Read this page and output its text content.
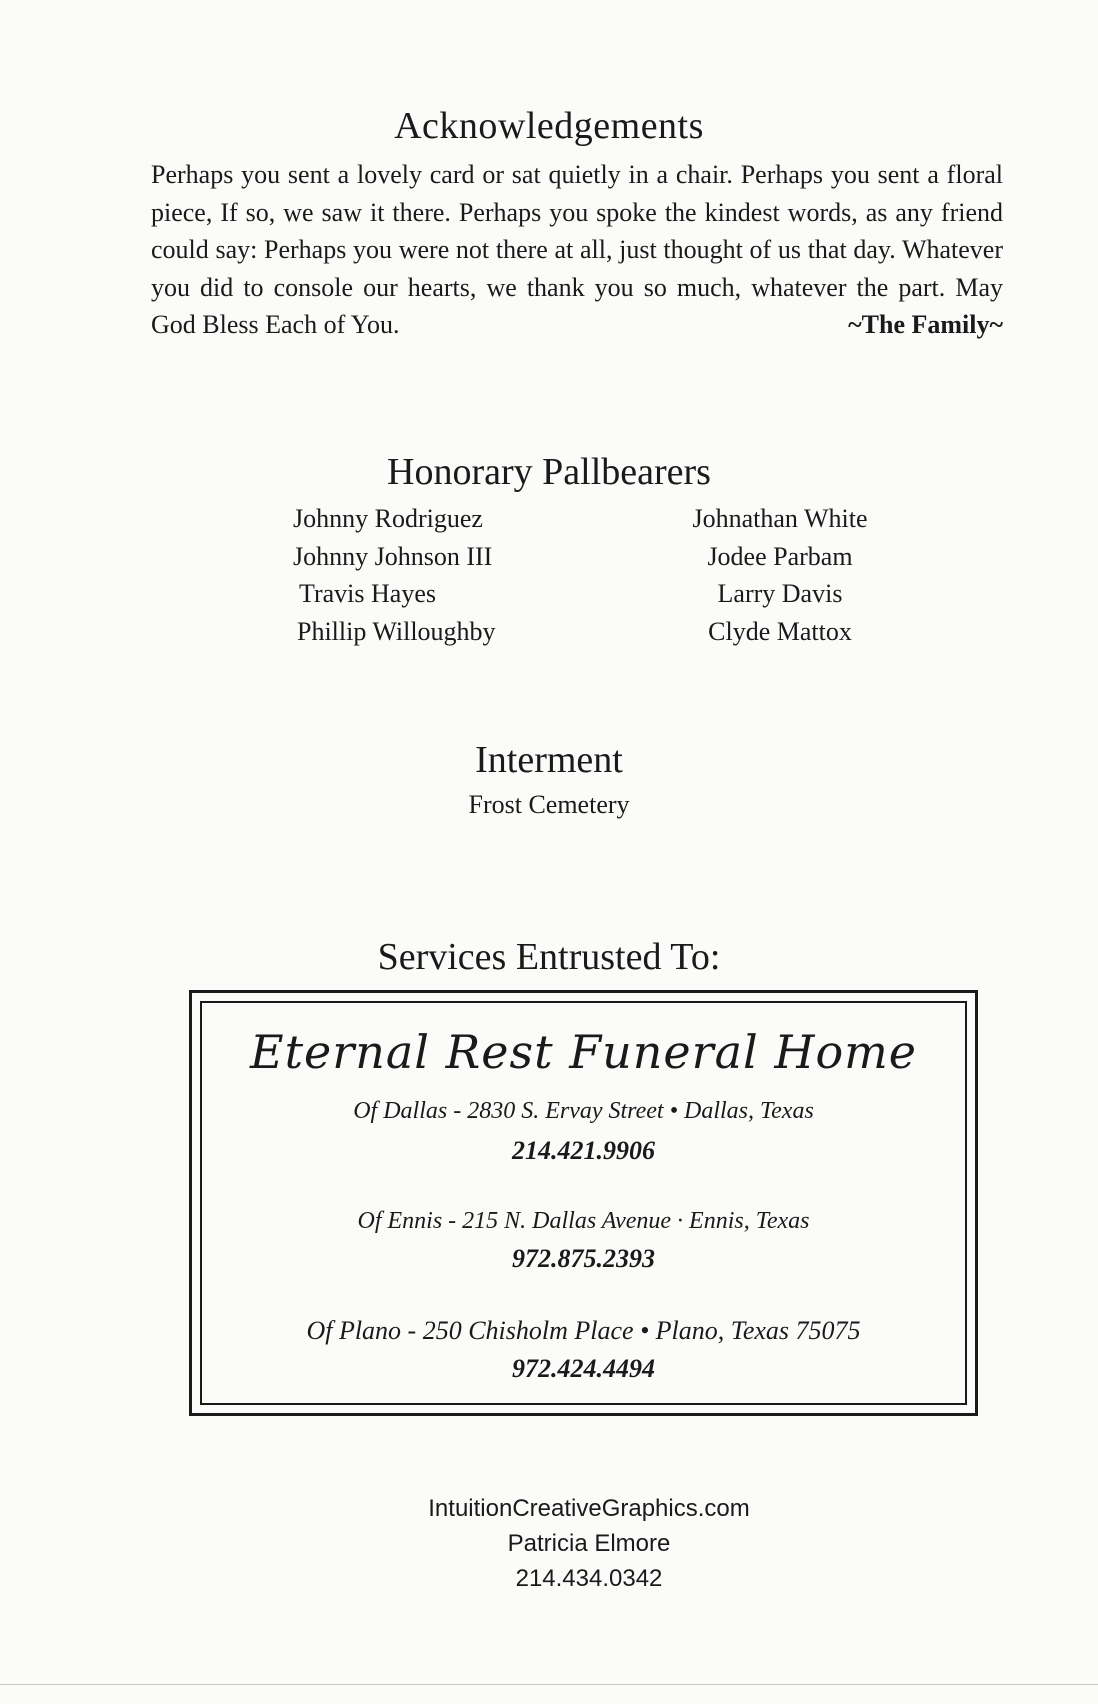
Acknowledgements
Perhaps you sent a lovely card or sat quietly in a chair. Perhaps you sent a floral piece, If so, we saw it there. Perhaps you spoke the kindest words, as any friend could say: Perhaps you were not there at all, just thought of us that day. Whatever you did to console our hearts, we thank you so much, whatever the part. May God Bless Each of You.	~The Family~
Honorary Pallbearers
Johnny Rodriguez
Johnny Johnson III
Travis Hayes
Phillip Willoughby
Johnathan White
Jodee Parbam
Larry Davis
Clyde Mattox
Interment
Frost Cemetery
Services Entrusted To:
Eternal Rest Funeral Home
Of Dallas - 2830 S. Ervay Street • Dallas, Texas
214.421.9906
Of Ennis - 215 N. Dallas Avenue · Ennis, Texas
972.875.2393
Of Plano - 250 Chisholm Place • Plano, Texas 75075
972.424.4494
IntuitionCreativeGraphics.com
Patricia Elmore
214.434.0342
